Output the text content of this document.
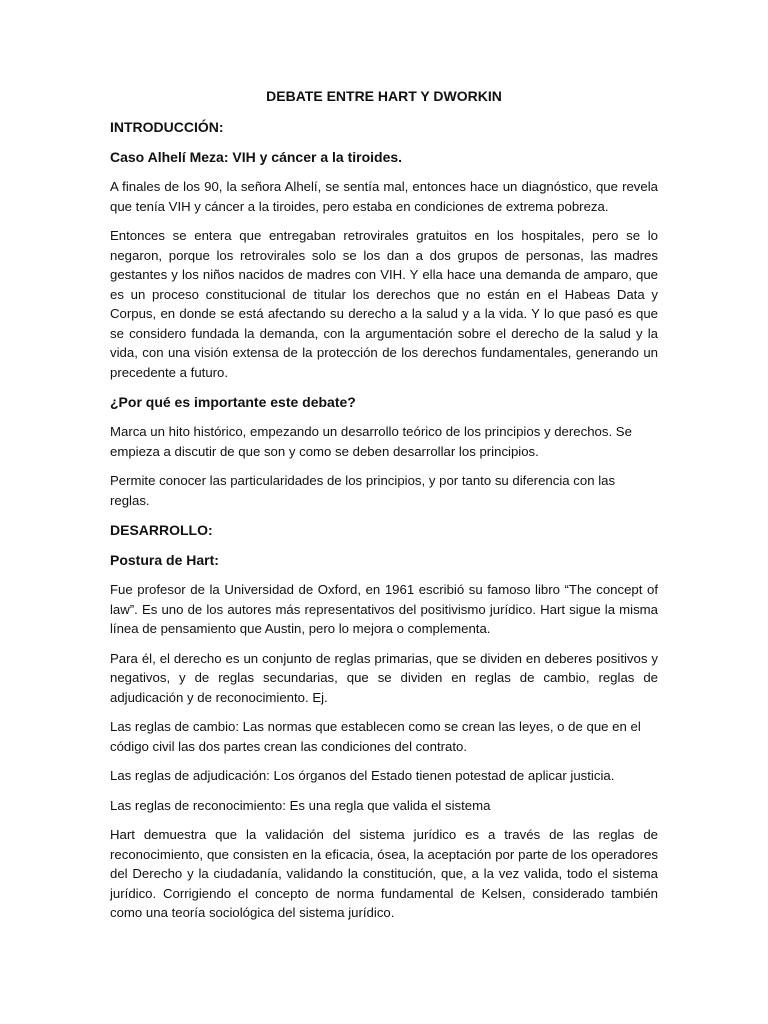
DEBATE ENTRE HART Y DWORKIN
INTRODUCCIÓN:
Caso Alhelí Meza: VIH y cáncer a la tiroides.

A finales de los 90, la señora Alhelí, se sentía mal, entonces hace un diagnóstico, que revela que tenía VIH y cáncer a la tiroides, pero estaba en condiciones de extrema pobreza.

Entonces se entera que entregaban retrovirales gratuitos en los hospitales, pero se lo negaron, porque los retrovirales solo se los dan a dos grupos de personas, las madres gestantes y los niños nacidos de madres con VIH. Y ella hace una demanda de amparo, que es un proceso constitucional de titular los derechos que no están en el Habeas Data y Corpus, en donde se está afectando su derecho a la salud y a la vida. Y lo que pasó es que se considero fundada la demanda, con la argumentación sobre el derecho de la salud y la vida, con una visión extensa de la protección de los derechos fundamentales, generando un precedente a futuro.

¿Por qué es importante este debate?

Marca un hito histórico, empezando un desarrollo teórico de los principios y derechos. Se empieza a discutir de que son y como se deben desarrollar los principios.

Permite conocer las particularidades de los principios, y por tanto su diferencia con las reglas.

DESARROLLO:
Postura de Hart:

Fue profesor de la Universidad de Oxford, en 1961 escribió su famoso libro “The concept of law”. Es uno de los autores más representativos del positivismo jurídico. Hart sigue la misma línea de pensamiento que Austin, pero lo mejora o complementa.

Para él, el derecho es un conjunto de reglas primarias, que se dividen en deberes positivos y negativos, y de reglas secundarias, que se dividen en reglas de cambio, reglas de adjudicación y de reconocimiento. Ej.

Las reglas de cambio: Las normas que establecen como se crean las leyes, o de que en el código civil las dos partes crean las condiciones del contrato.

Las reglas de adjudicación: Los órganos del Estado tienen potestad de aplicar justicia.

Las reglas de reconocimiento: Es una regla que valida el sistema

Hart demuestra que la validación del sistema jurídico es a través de las reglas de reconocimiento, que consisten en la eficacia, ósea, la aceptación por parte de los operadores del Derecho y la ciudadanía, validando la constitución, que, a la vez valida, todo el sistema jurídico. Corrigiendo el concepto de norma fundamental de Kelsen, considerado también como una teoría sociológica del sistema jurídico.
